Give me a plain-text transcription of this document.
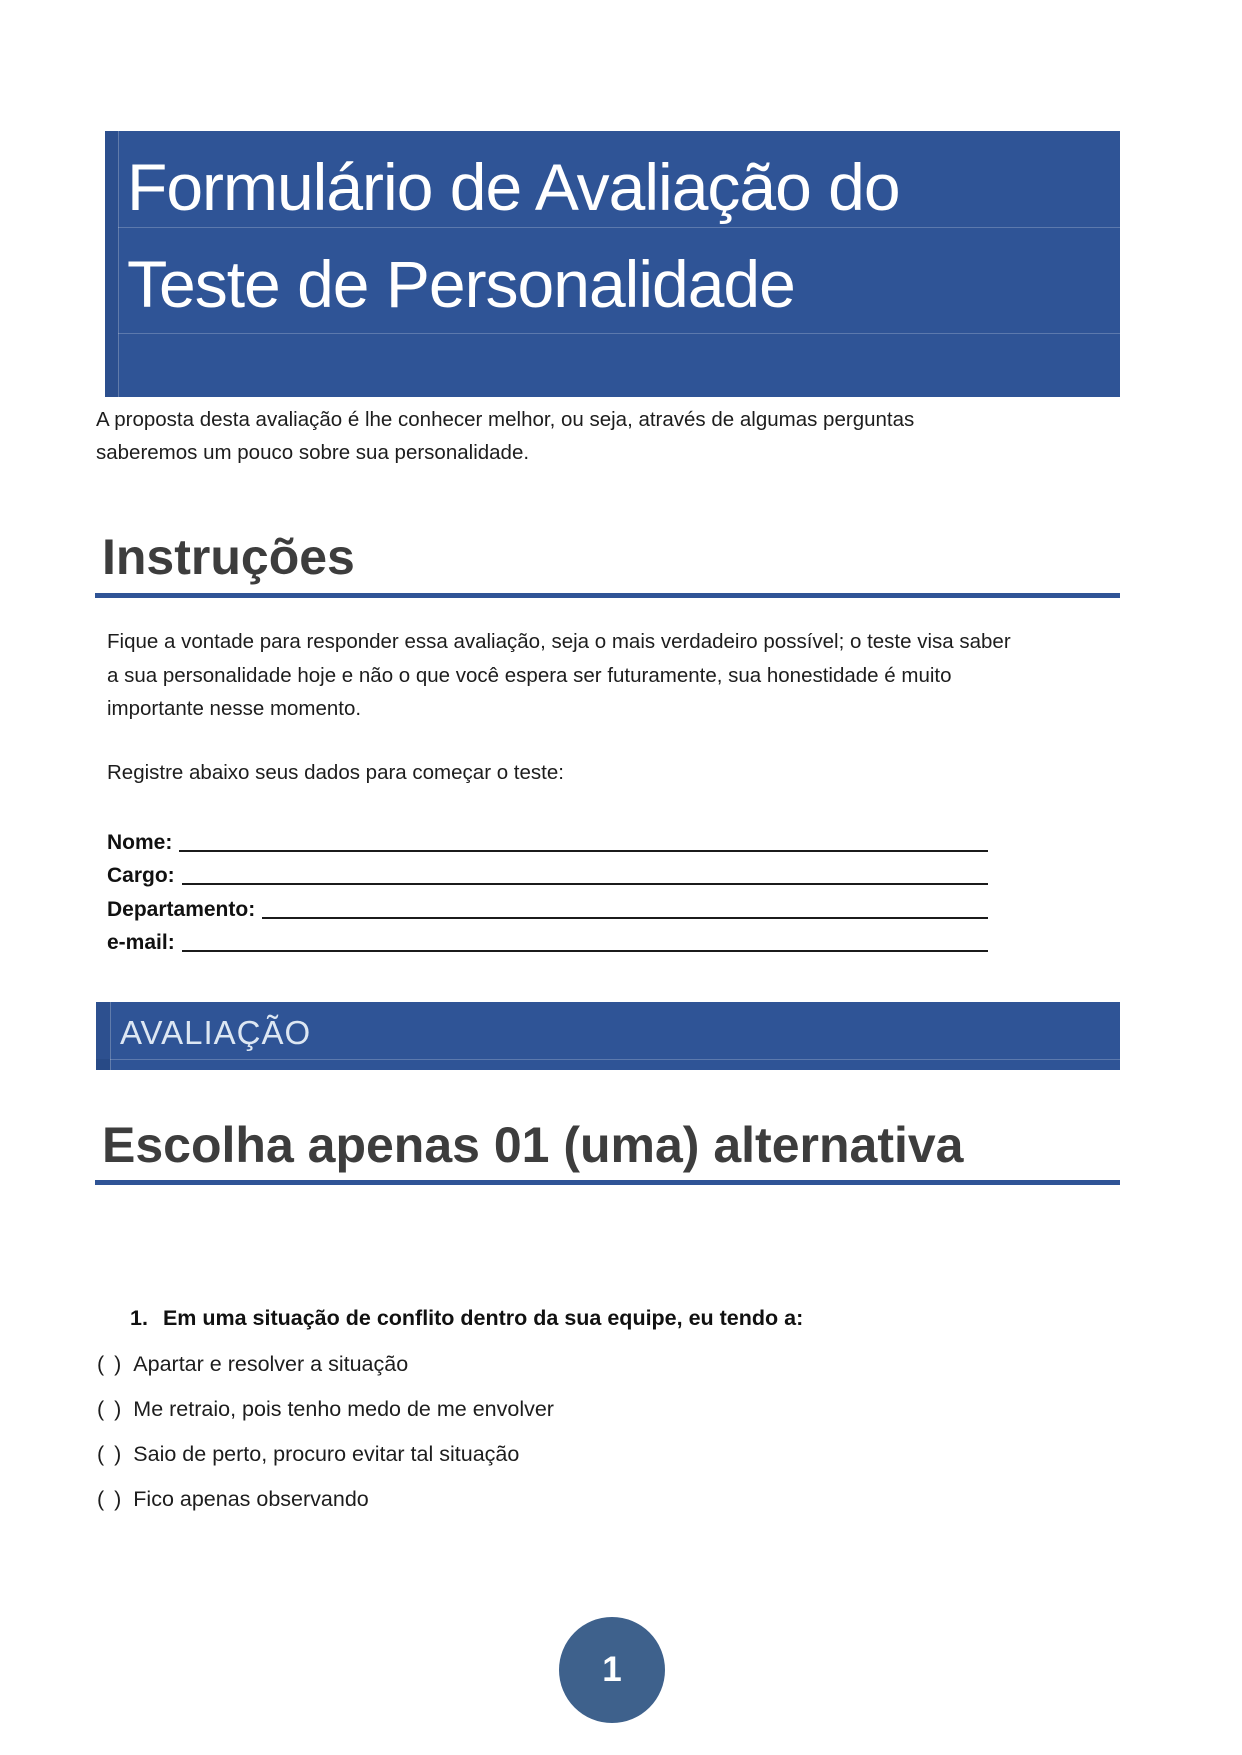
Formulário de Avaliação do
Teste de Personalidade
A proposta desta avaliação é lhe conhecer melhor, ou seja, através de algumas perguntas
saberemos um pouco sobre sua personalidade.
Instruções
Fique a vontade para responder essa avaliação, seja o mais verdadeiro possível; o teste visa saber
a sua personalidade hoje e não o que você espera ser futuramente, sua honestidade é muito
importante nesse momento.
Registre abaixo seus dados para começar o teste:
Nome:
Cargo:
Departamento:
e-mail:
AVALIAÇÃO
Escolha apenas 01 (uma) alternativa
1. Em uma situação de conflito dentro da sua equipe, eu tendo a:
( ) Apartar e resolver a situação
( ) Me retraio, pois tenho medo de me envolver
( ) Saio de perto, procuro evitar tal situação
( ) Fico apenas observando
1
